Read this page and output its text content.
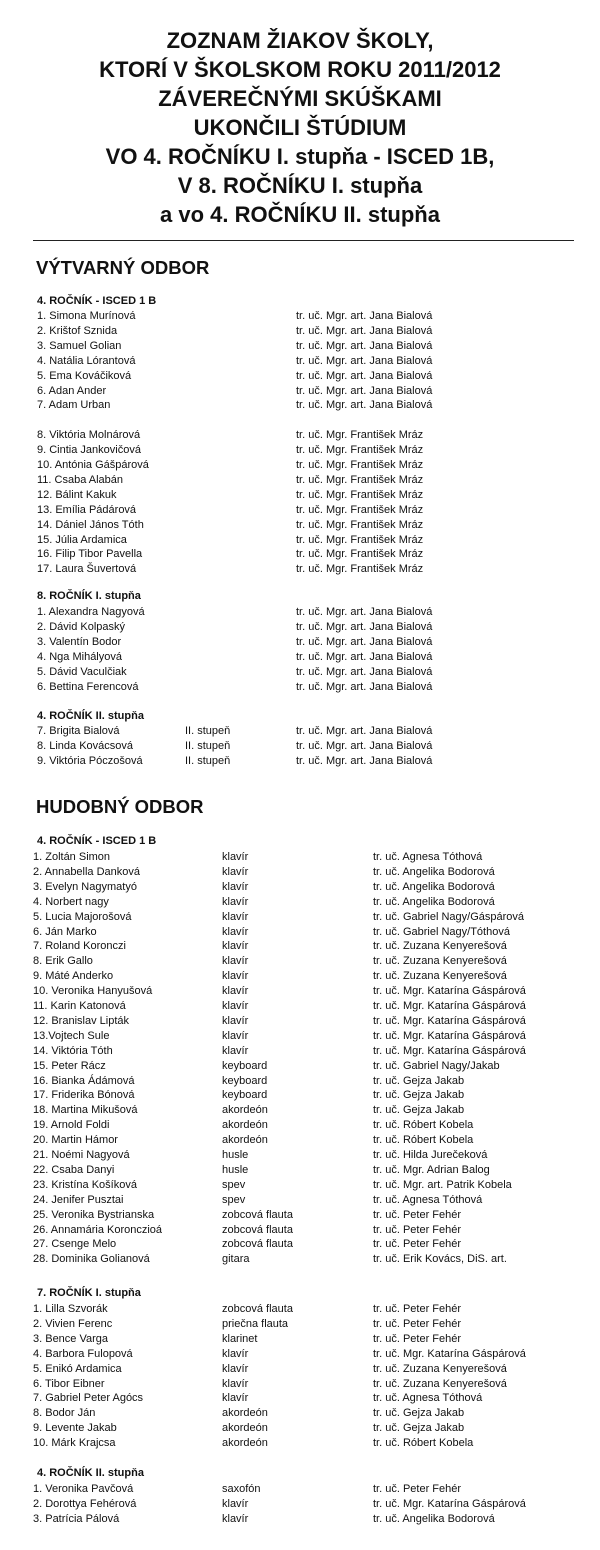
ZOZNAM ŽIAKOV ŠKOLY,
KTORÍ V ŠKOLSKOM ROKU 2011/2012
ZÁVEREČNÝMI SKÚŠKAMI
UKONČILI ŠTÚDIUM
VO 4. ROČNÍKU I. stupňa - ISCED 1B,
V 8. ROČNÍKU I. stupňa
a vo 4. ROČNÍKU II. stupňa
VÝTVARNÝ ODBOR
4. ROČNÍK - ISCED 1 B
8. ROČNÍK I. stupňa
4. ROČNÍK II. stupňa
1. Simona Murínová	tr. uč. Mgr. art. Jana Bialová
2. Krištof Sznida	tr. uč. Mgr. art. Jana Bialová
3. Samuel Golian	tr. uč. Mgr. art. Jana Bialová
4. Natália Lórantová	tr. uč. Mgr. art. Jana Bialová
5. Ema Kováčiková	tr. uč. Mgr. art. Jana Bialová
6. Adan Ander	tr. uč. Mgr. art. Jana Bialová
7. Adam Urban	tr. uč. Mgr. art. Jana Bialová
8. Viktória Molnárová	tr. uč. Mgr. František Mráz
9. Cintia Jankovičová	tr. uč. Mgr. František Mráz
10. Antónia Gášpárová	tr. uč. Mgr. František Mráz
11. Csaba Alabán	tr. uč. Mgr. František Mráz
12. Bálint Kakuk	tr. uč. Mgr. František Mráz
13. Emília Pádárová	tr. uč. Mgr. František Mráz
14. Dániel János Tóth	tr. uč. Mgr. František Mráz
15. Júlia Ardamica	tr. uč. Mgr. František Mráz
16. Filip Tibor Pavella	tr. uč. Mgr. František Mráz
17. Laura Šuvertová	tr. uč. Mgr. František Mráz
1. Alexandra Nagyová	tr. uč. Mgr. art. Jana Bialová
2. Dávid Kolpaský	tr. uč. Mgr. art. Jana Bialová
3. Valentín Bodor	tr. uč. Mgr. art. Jana Bialová
4. Nga Mihályová	tr. uč. Mgr. art. Jana Bialová
5. Dávid Vaculčiak	tr. uč. Mgr. art. Jana Bialová
6. Bettina Ferencová	tr. uč. Mgr. art. Jana Bialová
7. Brigita Bialová	II. stupeň	tr. uč. Mgr. art. Jana Bialová
8. Linda Kovácsová	II. stupeň	tr. uč. Mgr. art. Jana Bialová
9. Viktória Póczošová	II. stupeň	tr. uč. Mgr. art. Jana Bialová
HUDOBNÝ ODBOR
4. ROČNÍK - ISCED 1 B
7. ROČNÍK I. stupňa
4. ROČNÍK II. stupňa
1. Zoltán Simon	klavír	tr. uč. Agnesa Tóthová
2. Annabella Danková	klavír	tr. uč. Angelika Bodorová
3. Evelyn Nagymatyó	klavír	tr. uč. Angelika Bodorová
4. Norbert nagy	klavír	tr. uč. Angelika Bodorová
5. Lucia Majorošová	klavír	tr. uč. Gabriel Nagy/Gáspárová
6. Ján Marko	klavír	tr. uč. Gabriel Nagy/Tóthová
7. Roland Koronczi	klavír	tr. uč. Zuzana Kenyerešová
8. Erik Gallo	klavír	tr. uč. Zuzana Kenyerešová
9. Máté Anderko	klavír	tr. uč. Zuzana Kenyerešová
10. Veronika Hanyušová	klavír	tr. uč. Mgr. Katarína Gáspárová
11. Karin Katonová	klavír	tr. uč. Mgr. Katarína Gáspárová
12. Branislav Lipták	klavír	tr. uč. Mgr. Katarína Gáspárová
13.Vojtech Sule	klavír	tr. uč. Mgr. Katarína Gáspárová
14. Viktória Tóth	klavír	tr. uč. Mgr. Katarína Gáspárová
15. Peter Rácz	keyboard	tr. uč. Gabriel Nagy/Jakab
16. Bianka Ádámová	keyboard	tr. uč. Gejza Jakab
17. Friderika Bónová	keyboard	tr. uč. Gejza Jakab
18. Martina Mikušová	akordeón	tr. uč. Gejza Jakab
19. Arnold Foldi	akordeón	tr. uč. Róbert Kobela
20. Martin Hámor	akordeón	tr. uč. Róbert Kobela
21. Noémi Nagyová	husle	tr. uč. Hilda Jurečeková
22. Csaba Danyi	husle	tr. uč. Mgr. Adrian Balog
23. Kristína Košíková	spev	tr. uč. Mgr. art. Patrik Kobela
24. Jenifer Pusztai	spev	tr. uč. Agnesa Tóthová
25. Veronika Bystrianska	zobcová flauta	tr. uč. Peter Fehér
26. Annamária Koronczioá	zobcová flauta	tr. uč. Peter Fehér
27. Csenge Melo	zobcová flauta	tr. uč. Peter Fehér
28. Dominika Golianová	gitara	tr. uč. Erik Kovács, DiS. art.
1. Lilla Szvorák	zobcová flauta	tr. uč. Peter Fehér
2. Vivien Ferenc	priečna flauta	tr. uč. Peter Fehér
3. Bence Varga	klarinet	tr. uč. Peter Fehér
4. Barbora Fulopová	klavír	tr. uč. Mgr. Katarína Gáspárová
5. Enikó Ardamica	klavír	tr. uč. Zuzana Kenyerešová
6. Tibor Eibner	klavír	tr. uč. Zuzana Kenyerešová
7. Gabriel Peter Agócs	klavír	tr. uč. Agnesa Tóthová
8. Bodor Ján	akordeón	tr. uč. Gejza Jakab
9. Levente Jakab	akordeón	tr. uč. Gejza Jakab
10. Márk Krajcsa	akordeón	tr. uč. Róbert Kobela
1. Veronika Pavčová	saxofón	tr. uč. Peter Fehér
2. Dorottya Fehérová	klavír	tr. uč. Mgr. Katarína Gáspárová
3. Patrícia Pálová	klavír	tr. uč. Angelika Bodorová
